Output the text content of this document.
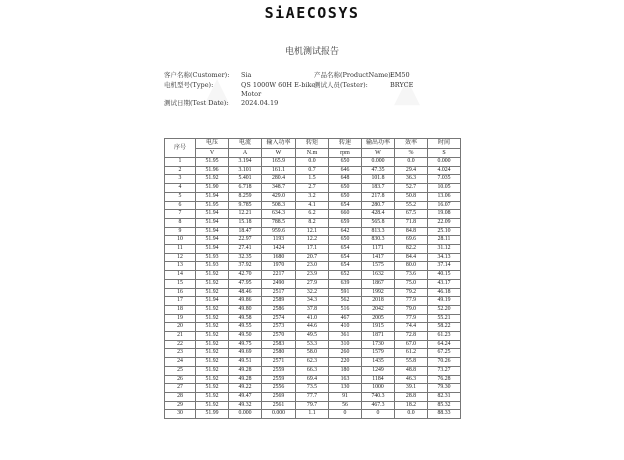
SiAECOSYS
电机测试报告
客户名称(Customer): Sia	产品名称(ProductName):
EM50
电机型号(Type):	QS 1000W 60H E-bike
Motor
测试人员(Tester):	BRYCE
测试日期(Test Date): 2024.04.19
序号	电压	电流	输入功率	转矩	转速	输出功率	效率	时间
	V	A	W	N.m	rpm	W	%	S
1	51.95	3.194	165.9	0.0	650	0.000	0.0	0.000
2	51.96	3.101	161.1	0.7	646	47.35	29.4	4.024
3	51.92	5.401	280.4	1.5	648	101.8	36.3	7.035
4	51.90	6.718	348.7	2.7	650	183.7	52.7	10.05
5	51.94	8.259	429.0	3.2	650	217.8	50.8	13.06
6	51.95	9.785	508.3	4.1	654	280.7	55.2	16.07
7	51.94	12.21	634.3	6.2	660	428.4	67.5	19.08
8	51.94	15.18	788.5	8.2	659	565.8	71.8	22.09
9	51.94	18.47	959.6	12.1	642	813.3	84.8	25.10
10	51.94	22.97	1193	12.2	650	830.3	69.6	28.11
11	51.94	27.41	1424	17.1	654	1171	82.2	31.12
12	51.93	32.35	1680	20.7	654	1417	84.4	34.13
13	51.93	37.92	1970	23.0	654	1575	80.0	37.14
14	51.92	42.70	2217	23.9	652	1632	73.6	40.15
15	51.92	47.95	2490	27.9	639	1867	75.0	43.17
16	51.92	48.46	2517	32.2	591	1992	79.2	46.18
17	51.94	49.86	2589	34.3	562	2018	77.9	49.19
18	51.92	49.80	2586	37.8	516	2042	79.0	52.20
19	51.92	49.58	2574	41.0	467	2005	77.9	55.21
20	51.92	49.55	2573	44.6	410	1915	74.4	58.22
21	51.92	49.50	2570	49.5	361	1871	72.8	61.23
22	51.92	49.75	2583	53.3	310	1730	67.0	64.24
23	51.92	49.69	2580	58.0	260	1579	61.2	67.25
24	51.92	49.51	2571	62.3	220	1435	55.8	70.26
25	51.92	49.28	2559	66.3	180	1249	48.8	73.27
26	51.92	49.28	2559	69.4	163	1184	46.3	76.28
27	51.92	49.22	2556	73.5	130	1000	39.1	79.30
28	51.92	49.47	2569	77.7	91	740.3	28.8	82.31
29	51.92	49.32	2561	79.7	56	467.3	18.2	85.32
30	51.99	0.000	0.000	1.1	0	0	0.0	88.33
